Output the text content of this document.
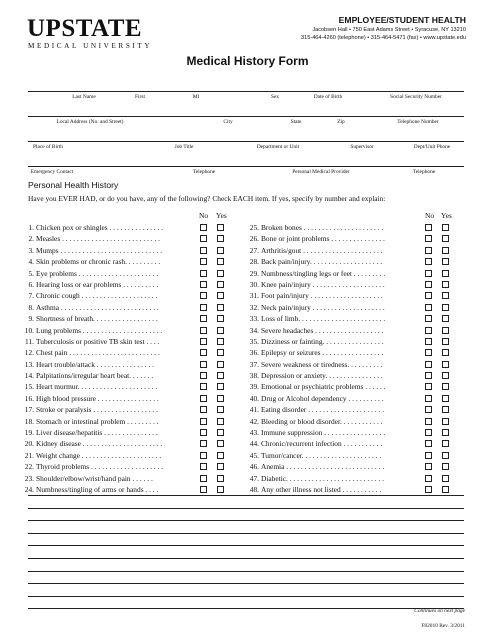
UPSTATE
MEDICAL UNIVERSITY
EMPLOYEE/STUDENT HEALTH
Jacobsen Hall • 750 East Adams Street • Syracuse, NY 13210
315-464-4260 (telephone) • 315-464-5471 (fax) • www.upstate.edu
Medical History Form
Last Name	First	MI	Sex	Date of Birth	Social Security Number
Local Address (No. and Street)	City	State	Zip	Telephone Number
Place of Birth	Job Title	Department or Unit	Supervisor	Dept/Unit Phone
Emergency Contact	Telephone	Personal Medical Provider	Telephone
Personal Health History
Have you EVER HAD, or do you have, any of the following? Check EACH item. If yes, specify by number and explain:
No Yes	No Yes
1. Chicken pox or shingles . . . . . . . . . . . . . . .
2. Measles . . . . . . . . . . . . . . . . . . . . . . . . . . .
3. Mumps . . . . . . . . . . . . . . . . . . . . . . . . . . . .
4. Skin problems or chronic rash. . . . . . . . . .
5. Eye problems . . . . . . . . . . . . . . . . . . . . . .
6. Hearing loss or ear problems . . . . . . . . . .
7. Chronic cough . . . . . . . . . . . . . . . . . . . . .
8. Asthma . . . . . . . . . . . . . . . . . . . . . . . . . . .
9. Shortness of breath. . . . . . . . . . . . . . . . . .
10. Lung problems . . . . . . . . . . . . . . . . . . . . . .
11. Tuberculosis or positive TB skin test . . . .
12. Chest pain . . . . . . . . . . . . . . . . . . . . . . . . .
13. Heart trouble/attack . . . . . . . . . . . . . . . .
14. Palpitations/irregular heart beat. . . . . . .
15. Heart murmur. . . . . . . . . . . . . . . . . . . . . .
16. High blood pressure . . . . . . . . . . . . . . . . .
17. Stroke or paralysis . . . . . . . . . . . . . . . . . .
18. Stomach or intestinal problem . . . . . . . . .
19. Liver disease/hepatitis . . . . . . . . . . . . . . .
20. Kidney disease . . . . . . . . . . . . . . . . . . . . . .
21. Weight change . . . . . . . . . . . . . . . . . . . . . .
22. Thyroid problems . . . . . . . . . . . . . . . . . . . .
23. Shoulder/elbow/wrist/hand pain . . . . . .
24. Numbness/tingling of arms or hands . . . .
25. Broken bones . . . . . . . . . . . . . . . . . . . . . .
26. Bone or joint problems . . . . . . . . . . . . . . .
27. Arthritis/gout . . . . . . . . . . . . . . . . . . . . . .
28. Back pain/injury. . . . . . . . . . . . . . . . . . . .
29. Numbness/tingling legs or feet . . . . . . . . .
30. Knee pain/injury . . . . . . . . . . . . . . . . . . . .
31. Foot pain/injury . . . . . . . . . . . . . . . . . . . .
32. Neck pain/injury . . . . . . . . . . . . . . . . . . . .
33. Loss of limb. . . . . . . . . . . . . . . . . . . . . . . .
34. Severe headaches . . . . . . . . . . . . . . . . . . .
35. Dizziness or fainting. . . . . . . . . . . . . . . . .
36. Epilepsy or seizures . . . . . . . . . . . . . . . . .
37. Severe weakness or tiredness. . . . . . . . . .
38. Depression or anxiety. . . . . . . . . . . . . . . .
39. Emotional or psychiatric problems . . . . . .
40. Drug or Alcohol dependency . . . . . . . . . .
41. Eating disorder . . . . . . . . . . . . . . . . . . . . .
42. Bleeding or blood disorder. . . . . . . . . . . .
43. Immune suppression . . . . . . . . . . . . . . . . .
44. Chronic/recurrent infection . . . . . . . . . . .
45. Tumor/cancer. . . . . . . . . . . . . . . . . . . . . .
46. Anemia . . . . . . . . . . . . . . . . . . . . . . . . . . .
47. Diabetic. . . . . . . . . . . . . . . . . . . . . . . . . . .
48. Any other illness not listed . . . . . . . . . . .
Continues on next page
F82010 Rev. 3/2011
